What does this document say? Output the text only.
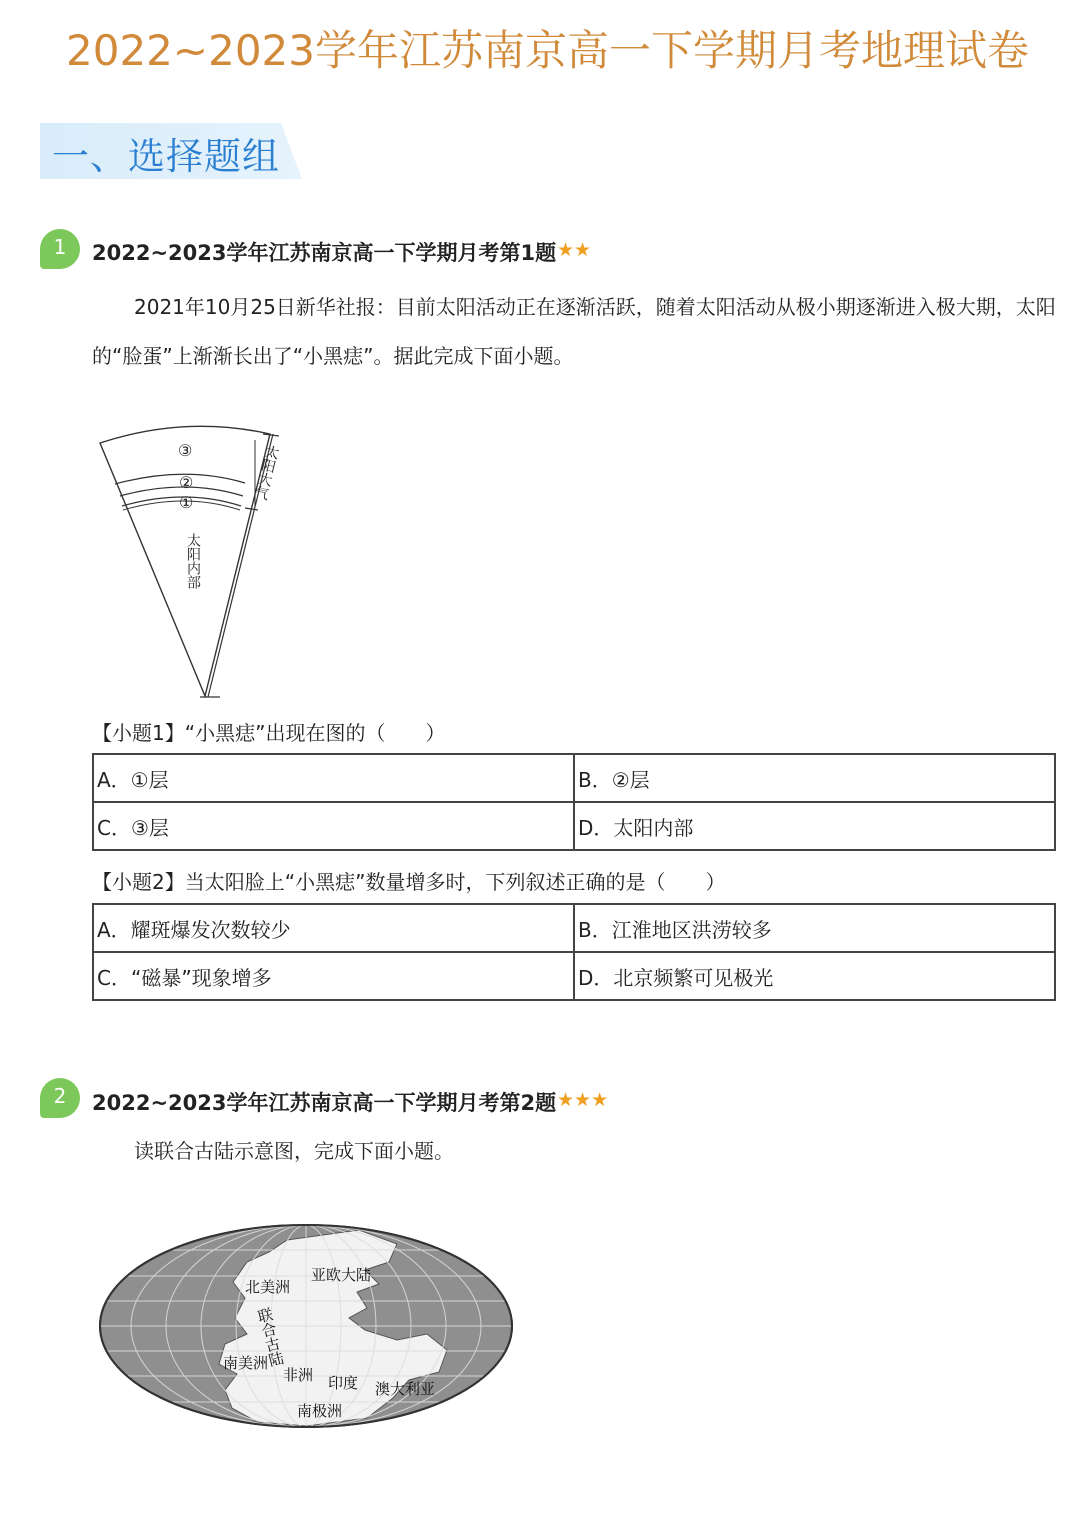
2022~2023学年江苏南京高一下学期月考地理试卷
一、选择题组
1	2022~2023学年江苏南京高一下学期月考第1题 ★★
2021年10月25日新华社报：目前太阳活动正在逐渐活跃，随着太阳活动从极小期逐渐进入极大期，太阳的“脸蛋”上渐渐长出了“小黑痣”。据此完成下面小题。
③
②
①
太阳内部
太阳大气
【小题1】“小黑痣”出现在图的（　　）
A．①层	B．②层
C．③层	D．太阳内部
【小题2】当太阳脸上“小黑痣”数量增多时，下列叙述正确的是（　　）
A．耀斑爆发次数较少	B．江淮地区洪涝较多
C．“磁暴”现象增多	D．北京频繁可见极光
2	2022~2023学年江苏南京高一下学期月考第2题 ★★★
读联合古陆示意图，完成下面小题。
北美洲
亚欧大陆
联合古陆
南美洲
非洲 印度 澳大利亚
南极洲
